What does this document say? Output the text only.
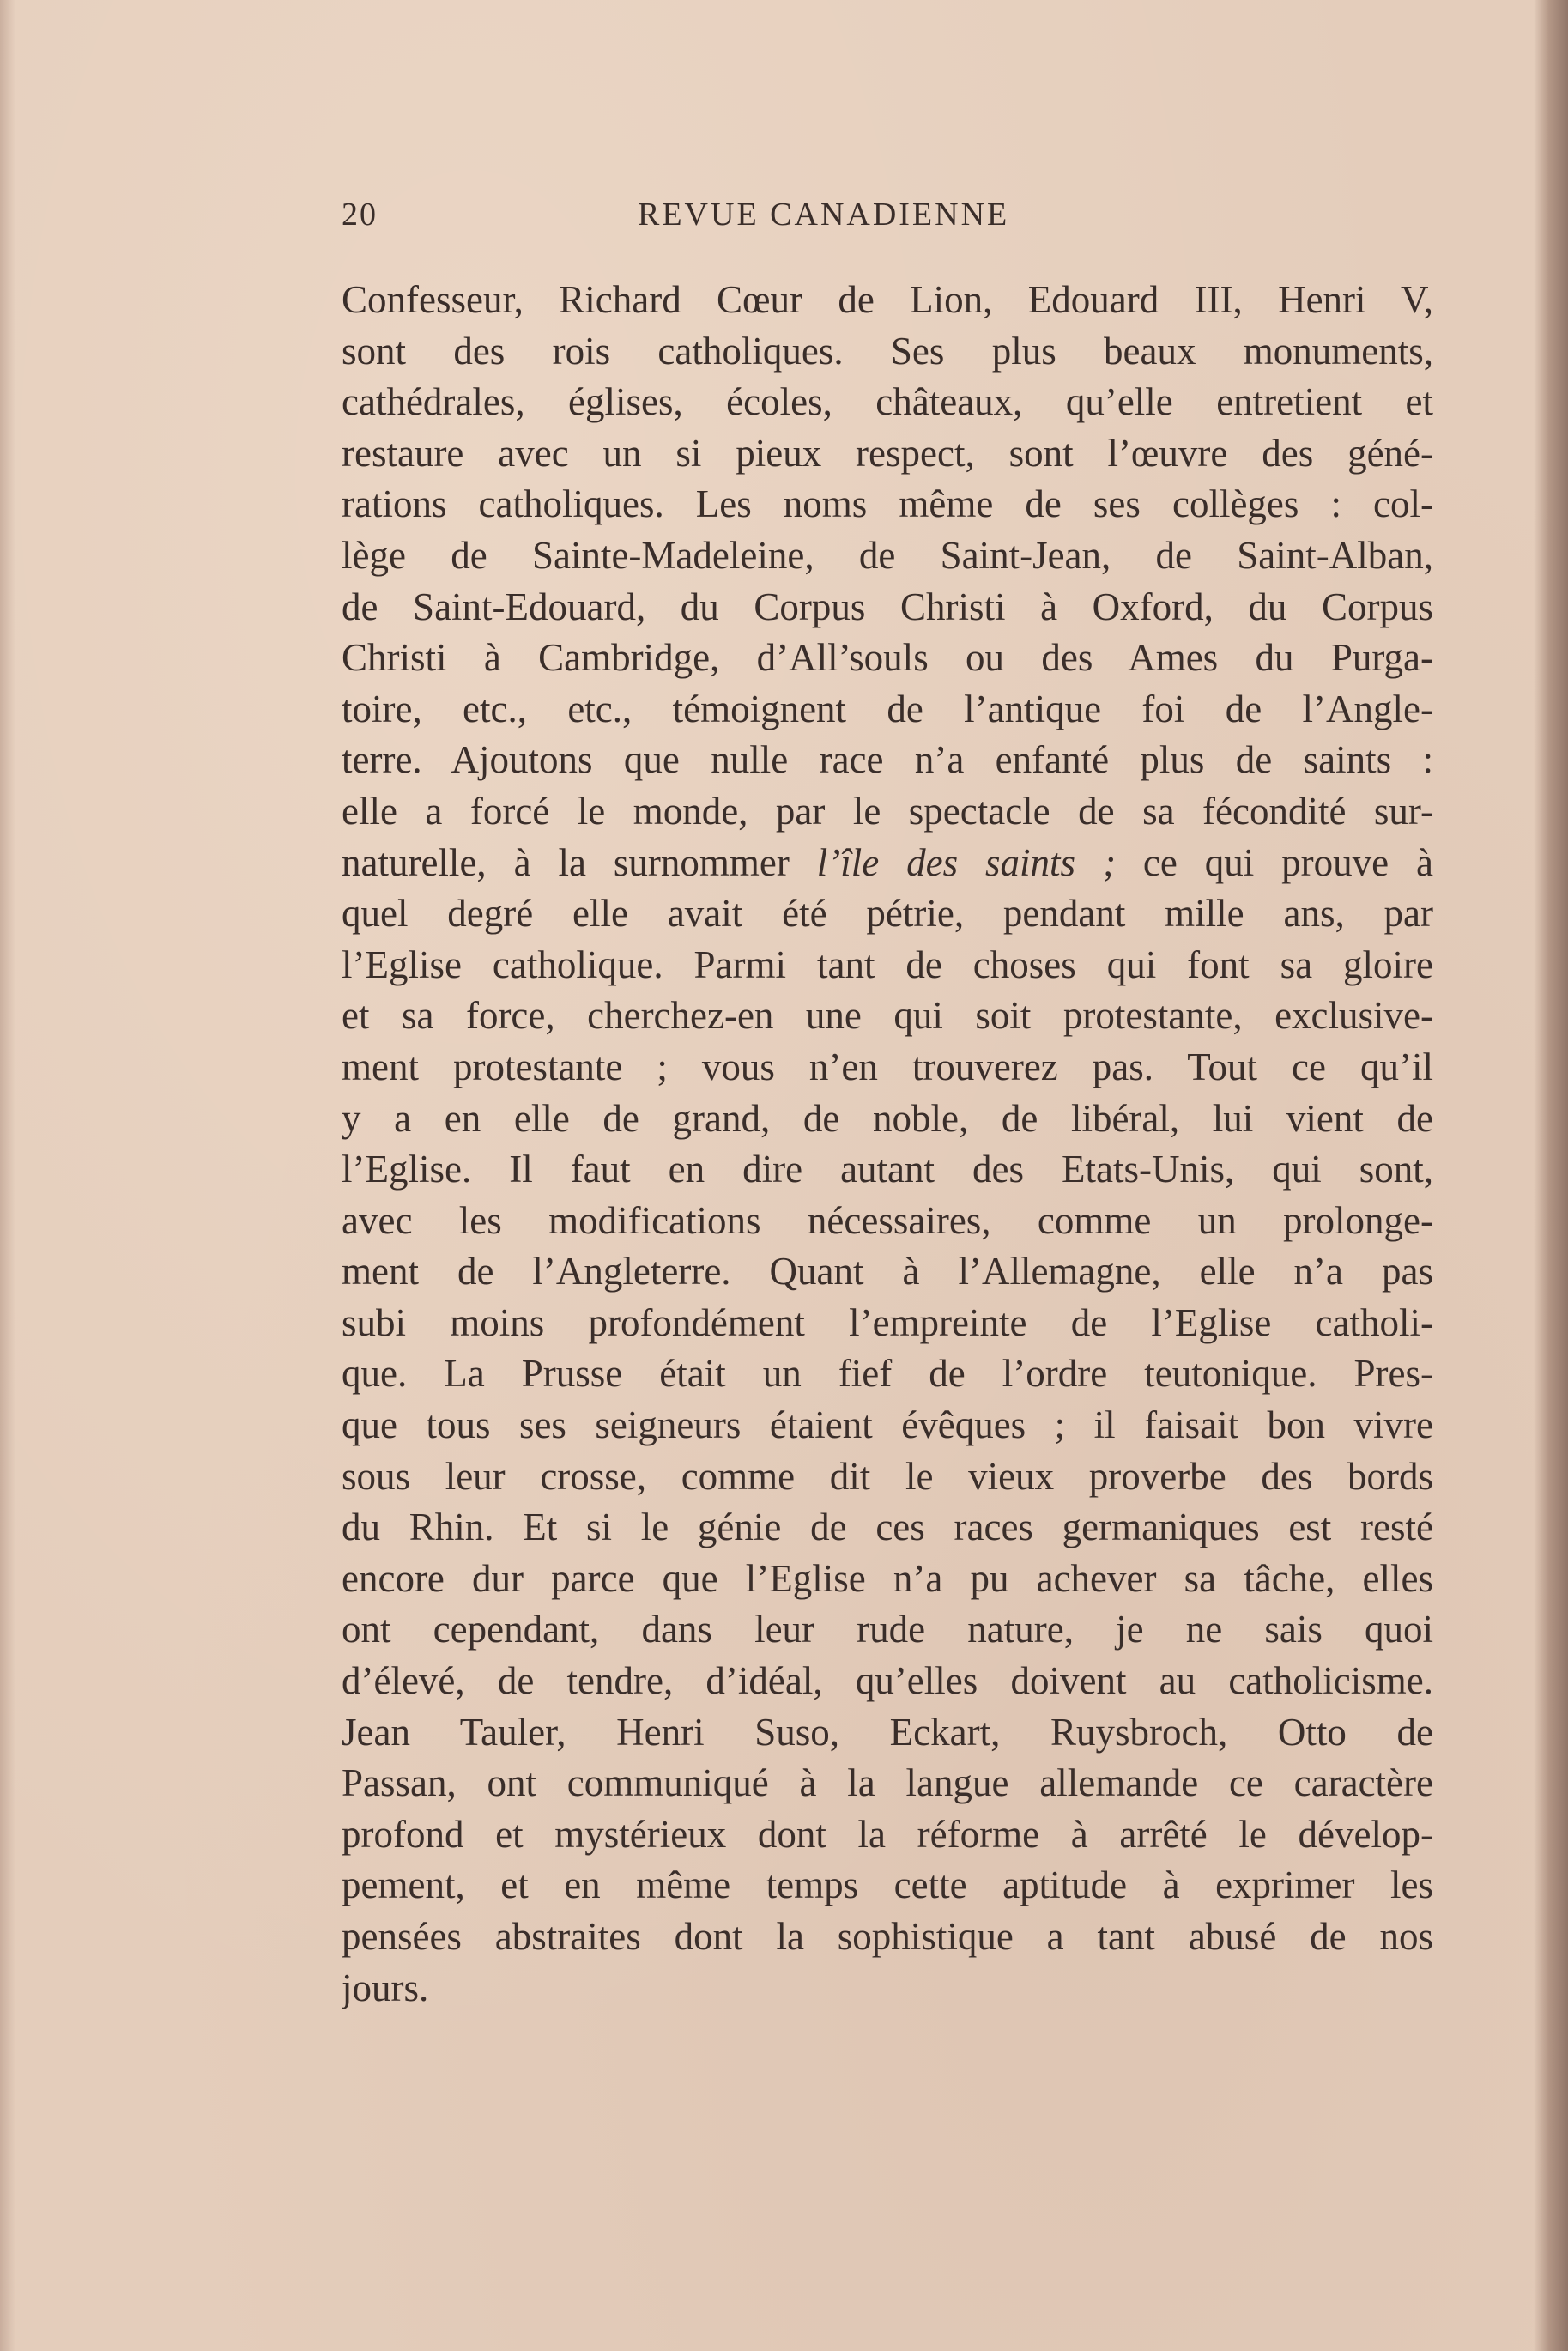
20	REVUE CANADIENNE
Confesseur, Richard Cœur de Lion, Edouard III, Henri V,
sont des rois catholiques. Ses plus beaux monuments,
cathédrales, églises, écoles, châteaux, qu’elle entretient et
restaure avec un si pieux respect, sont l’œuvre des géné-
rations catholiques. Les noms même de ses collèges : col-
lège de Sainte-Madeleine, de Saint-Jean, de Saint-Alban,
de Saint-Edouard, du Corpus Christi à Oxford, du Corpus
Christi à Cambridge, d’All’souls ou des Ames du Purga-
toire, etc., etc., témoignent de l’antique foi de l’Angle-
terre. Ajoutons que nulle race n’a enfanté plus de saints :
elle a forcé le monde, par le spectacle de sa fécondité sur-
naturelle, à la surnommer l’île des saints ; ce qui prouve à
quel degré elle avait été pétrie, pendant mille ans, par
l’Eglise catholique. Parmi tant de choses qui font sa gloire
et sa force, cherchez-en une qui soit protestante, exclusive-
ment protestante ; vous n’en trouverez pas. Tout ce qu’il
y a en elle de grand, de noble, de libéral, lui vient de
l’Eglise. Il faut en dire autant des Etats-Unis, qui sont,
avec les modifications nécessaires, comme un prolonge-
ment de l’Angleterre. Quant à l’Allemagne, elle n’a pas
subi moins profondément l’empreinte de l’Eglise catholi-
que. La Prusse était un fief de l’ordre teutonique. Pres-
que tous ses seigneurs étaient évêques ; il faisait bon vivre
sous leur crosse, comme dit le vieux proverbe des bords
du Rhin. Et si le génie de ces races germaniques est resté
encore dur parce que l’Eglise n’a pu achever sa tâche, elles
ont cependant, dans leur rude nature, je ne sais quoi
d’élevé, de tendre, d’idéal, qu’elles doivent au catholicisme.
Jean Tauler, Henri Suso, Eckart, Ruysbroch, Otto de
Passan, ont communiqué à la langue allemande ce caractère
profond et mystérieux dont la réforme à arrêté le dévelop-
pement, et en même temps cette aptitude à exprimer les
pensées abstraites dont la sophistique a tant abusé de nos
jours.
